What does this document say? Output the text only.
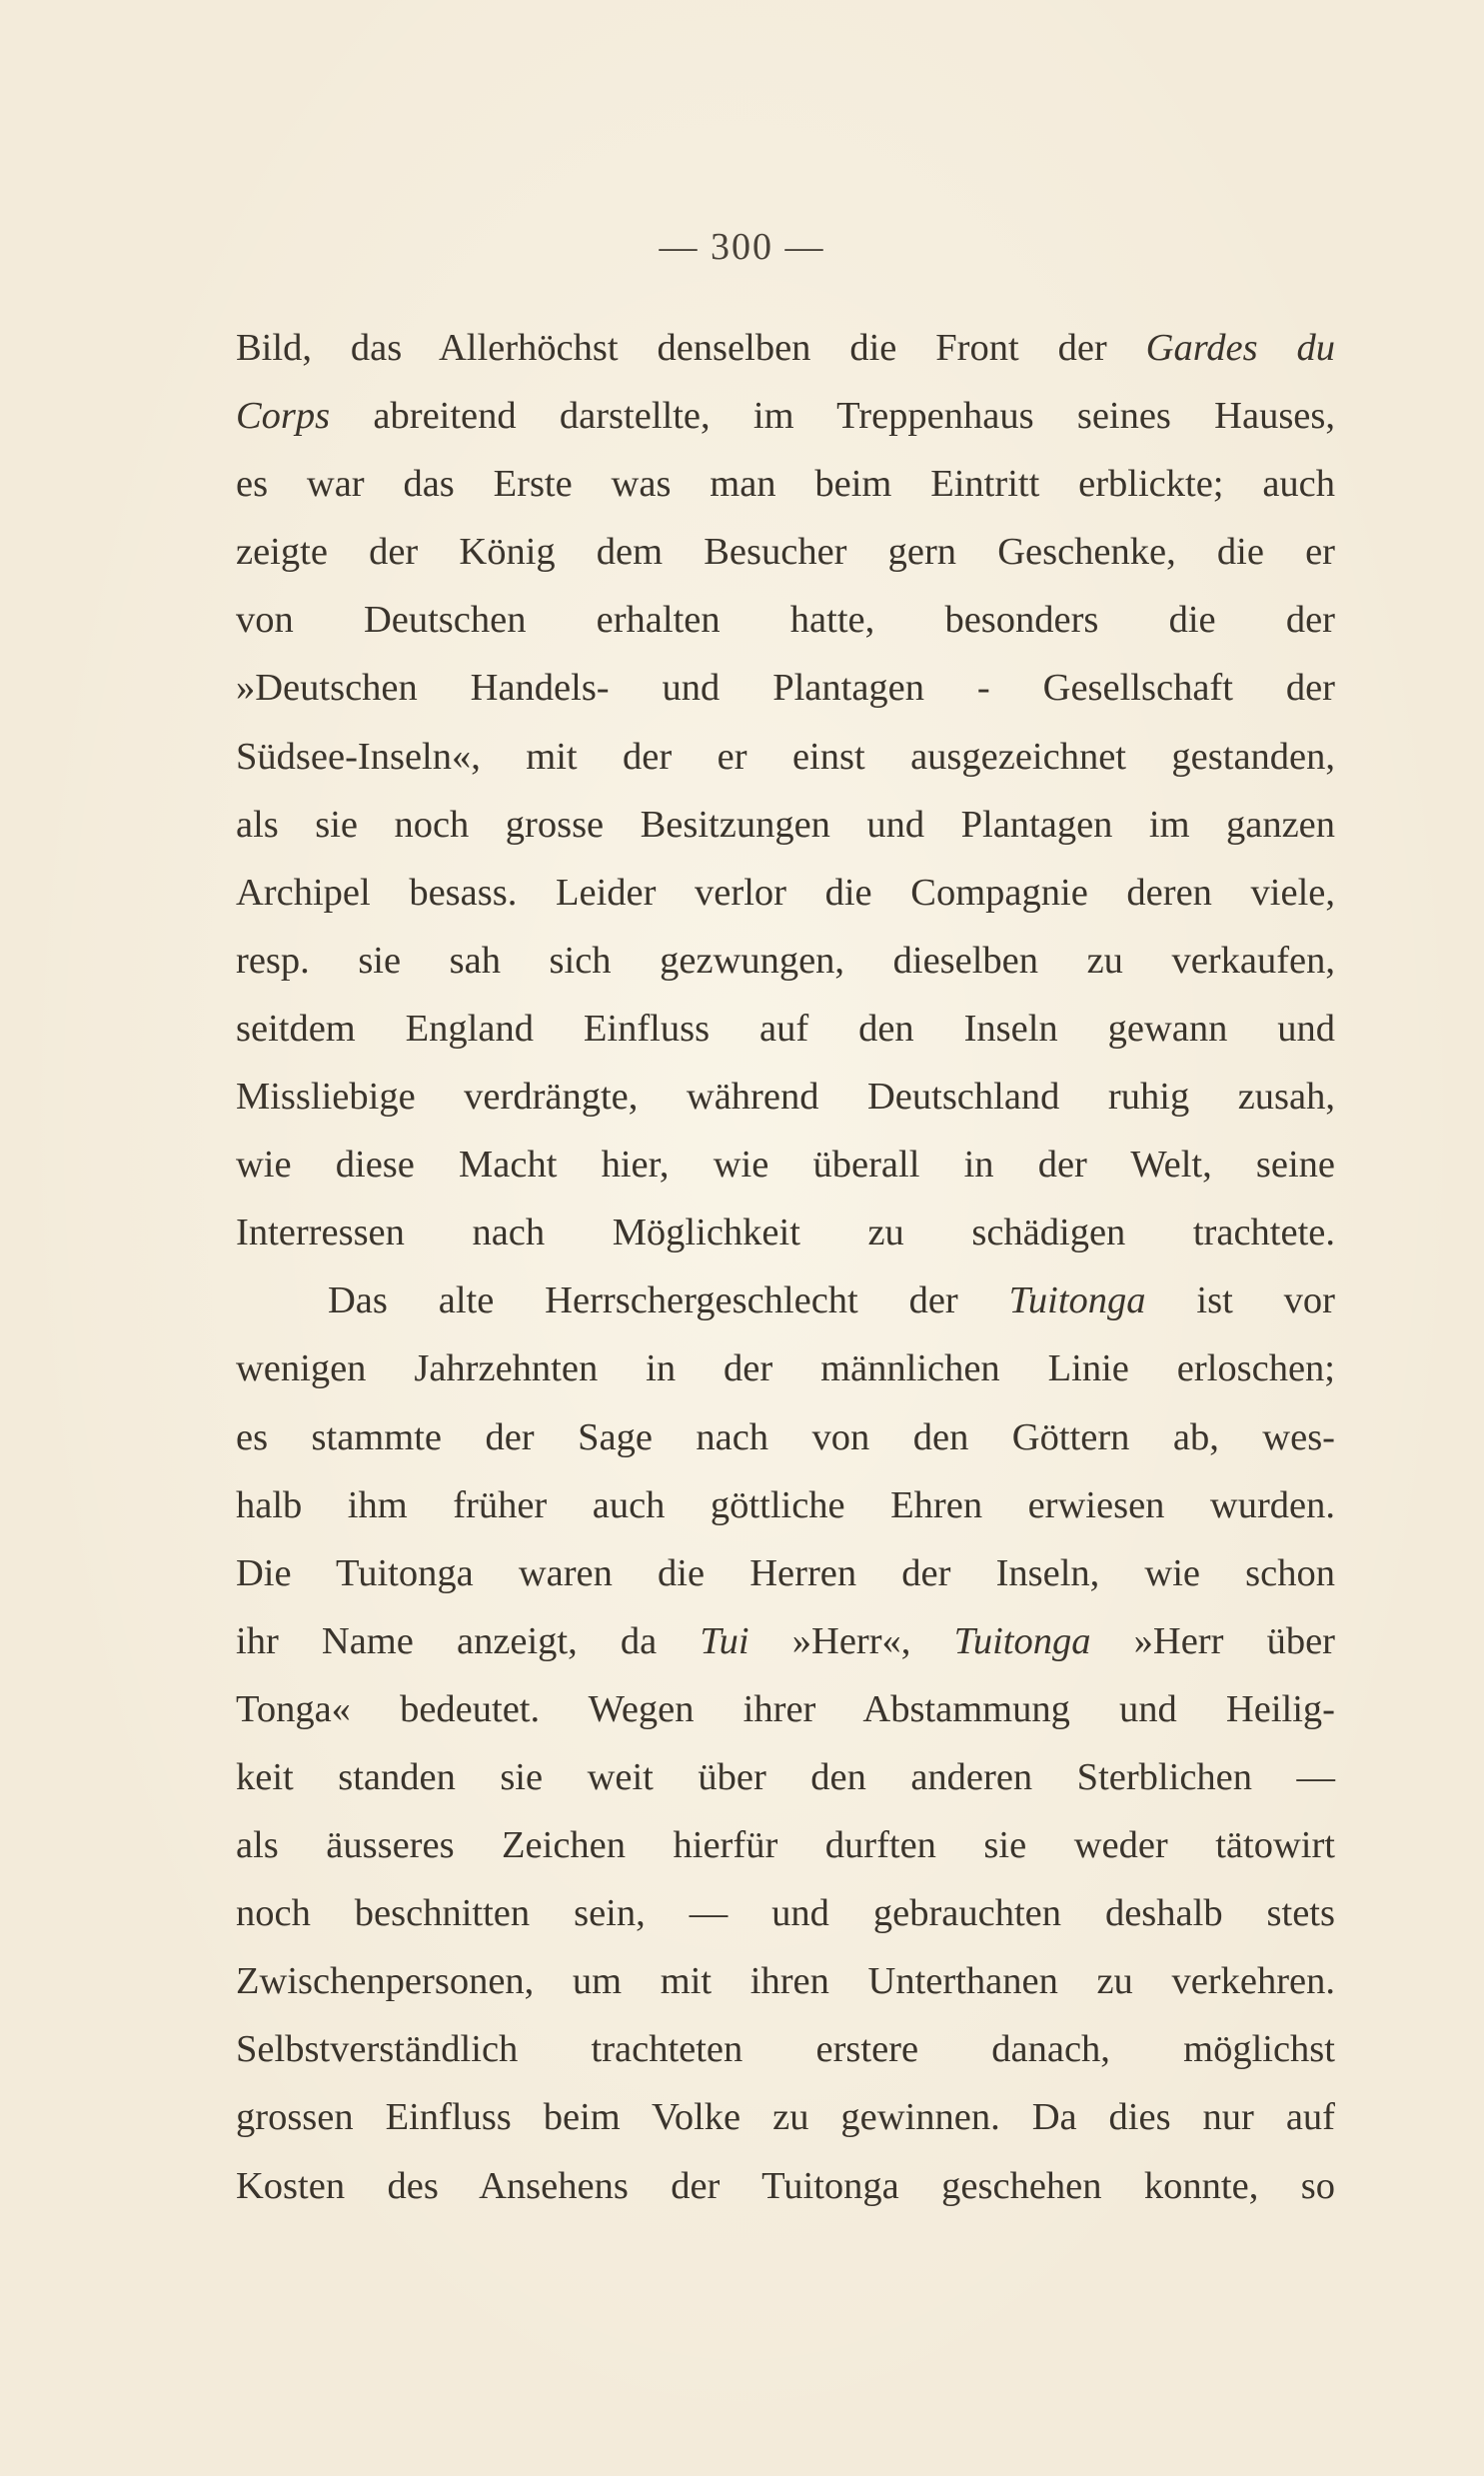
— 300 —
Bild, das Allerhöchst denselben die Front der Gardes du
Corps abreitend darstellte, im Treppenhaus seines Hauses,
es war das Erste was man beim Eintritt erblickte; auch
zeigte der König dem Besucher gern Geschenke, die er
von Deutschen erhalten hatte, besonders die der
»Deutschen Handels- und Plantagen - Gesellschaft der
Südsee-Inseln«, mit der er einst ausgezeichnet gestanden,
als sie noch grosse Besitzungen und Plantagen im ganzen
Archipel besass. Leider verlor die Compagnie deren viele,
resp. sie sah sich gezwungen, dieselben zu verkaufen,
seitdem England Einfluss auf den Inseln gewann und
Missliebige verdrängte, während Deutschland ruhig zusah,
wie diese Macht hier, wie überall in der Welt, seine
Interressen nach Möglichkeit zu schädigen trachtete.
Das alte Herrschergeschlecht der Tuitonga ist vor
wenigen Jahrzehnten in der männlichen Linie erloschen;
es stammte der Sage nach von den Göttern ab, wes-
halb ihm früher auch göttliche Ehren erwiesen wurden.
Die Tuitonga waren die Herren der Inseln, wie schon
ihr Name anzeigt, da Tui »Herr«, Tuitonga »Herr über
Tonga« bedeutet. Wegen ihrer Abstammung und Heilig-
keit standen sie weit über den anderen Sterblichen —
als äusseres Zeichen hierfür durften sie weder tätowirt
noch beschnitten sein, — und gebrauchten deshalb stets
Zwischenpersonen, um mit ihren Unterthanen zu verkehren.
Selbstverständlich trachteten erstere danach, möglichst
grossen Einfluss beim Volke zu gewinnen. Da dies nur auf
Kosten des Ansehens der Tuitonga geschehen konnte, so
